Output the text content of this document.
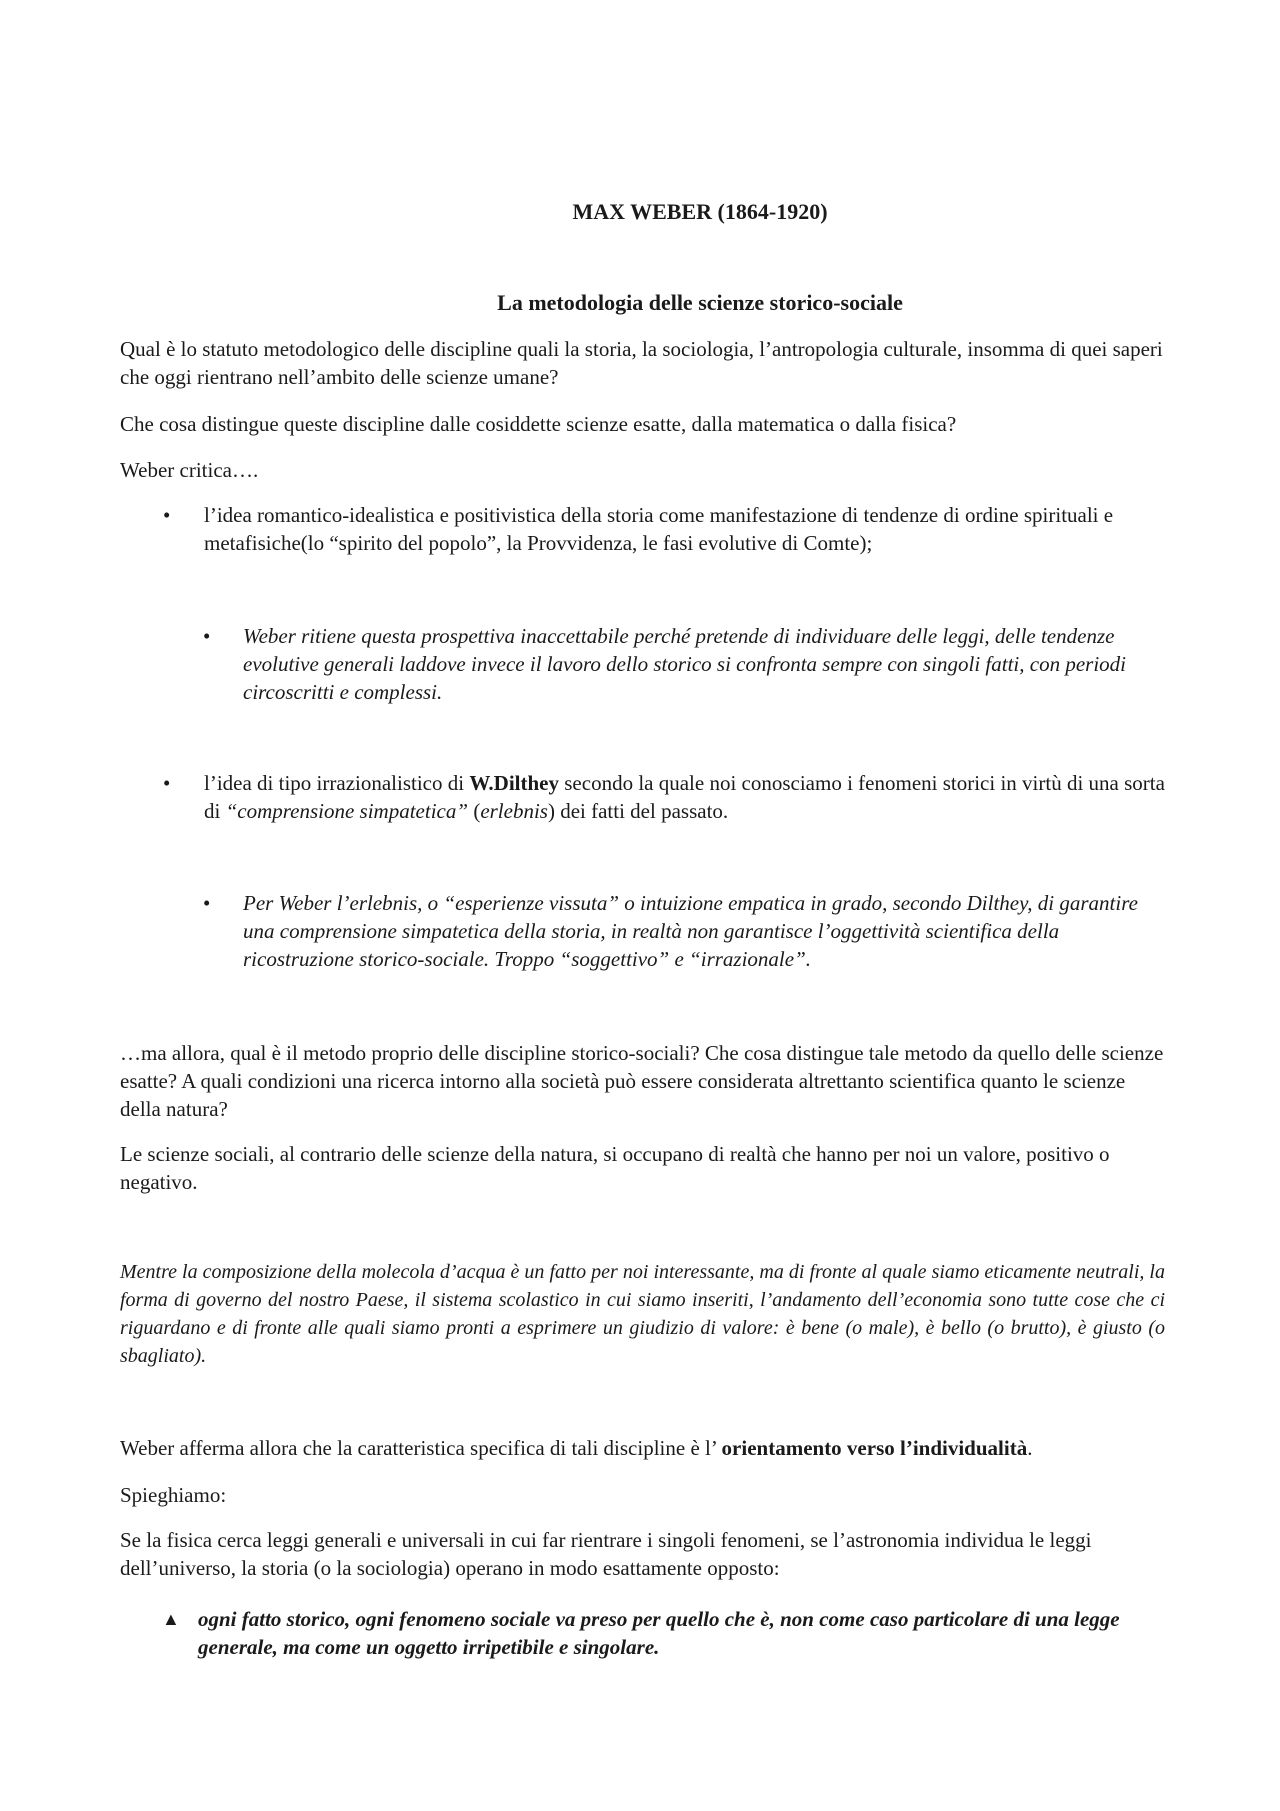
MAX WEBER (1864-1920)
La metodologia delle scienze storico-sociale

Qual è lo statuto metodologico delle discipline quali la storia, la sociologia, l’antropologia culturale, insomma di quei saperi che oggi rientrano nell’ambito delle scienze umane?

Che cosa distingue queste discipline dalle cosiddette scienze esatte, dalla matematica o dalla fisica?

Weber critica….

• l’idea romantico-idealistica e positivistica della storia come manifestazione di tendenze di ordine spirituali e metafisiche(lo “spirito del popolo”, la Provvidenza, le fasi evolutive di Comte);
• Weber ritiene questa prospettiva inaccettabile perché pretende di individuare delle leggi, delle tendenze evolutive generali laddove invece il lavoro dello storico si confronta sempre con singoli fatti, con periodi circoscritti e complessi.
• l’idea di tipo irrazionalistico di W.Dilthey secondo la quale noi conosciamo i fenomeni storici in virtù di una sorta di “comprensione simpatetica” (erlebnis) dei fatti del passato.
• Per Weber l’erlebnis, o “esperienze vissuta” o intuizione empatica in grado, secondo Dilthey, di garantire una comprensione simpatetica della storia, in realtà non garantisce l’oggettività scientifica della ricostruzione storico-sociale. Troppo “soggettivo” e “irrazionale”.

…ma allora, qual è il metodo proprio delle discipline storico-sociali? Che cosa distingue tale metodo da quello delle scienze esatte? A quali condizioni una ricerca intorno alla società può essere considerata altrettanto scientifica quanto le scienze della natura?

Le scienze sociali, al contrario delle scienze della natura, si occupano di realtà che hanno per noi un valore, positivo o negativo.

Mentre la composizione della molecola d’acqua è un fatto per noi interessante, ma di fronte al quale siamo eticamente neutrali, la forma di governo del nostro Paese, il sistema scolastico in cui siamo inseriti, l’andamento dell’economia sono tutte cose che ci riguardano e di fronte alle quali siamo pronti a esprimere un giudizio di valore: è bene (o male), è bello (o brutto), è giusto (o sbagliato).

Weber afferma allora che la caratteristica specifica di tali discipline è l’ orientamento verso l’individualità.

Spieghiamo:

Se la fisica cerca leggi generali e universali in cui far rientrare i singoli fenomeni, se l’astronomia individua le leggi dell’universo, la storia (o la sociologia) operano in modo esattamente opposto:

▲ ogni fatto storico, ogni fenomeno sociale va preso per quello che è, non come caso particolare di una legge generale, ma come un oggetto irripetibile e singolare.
